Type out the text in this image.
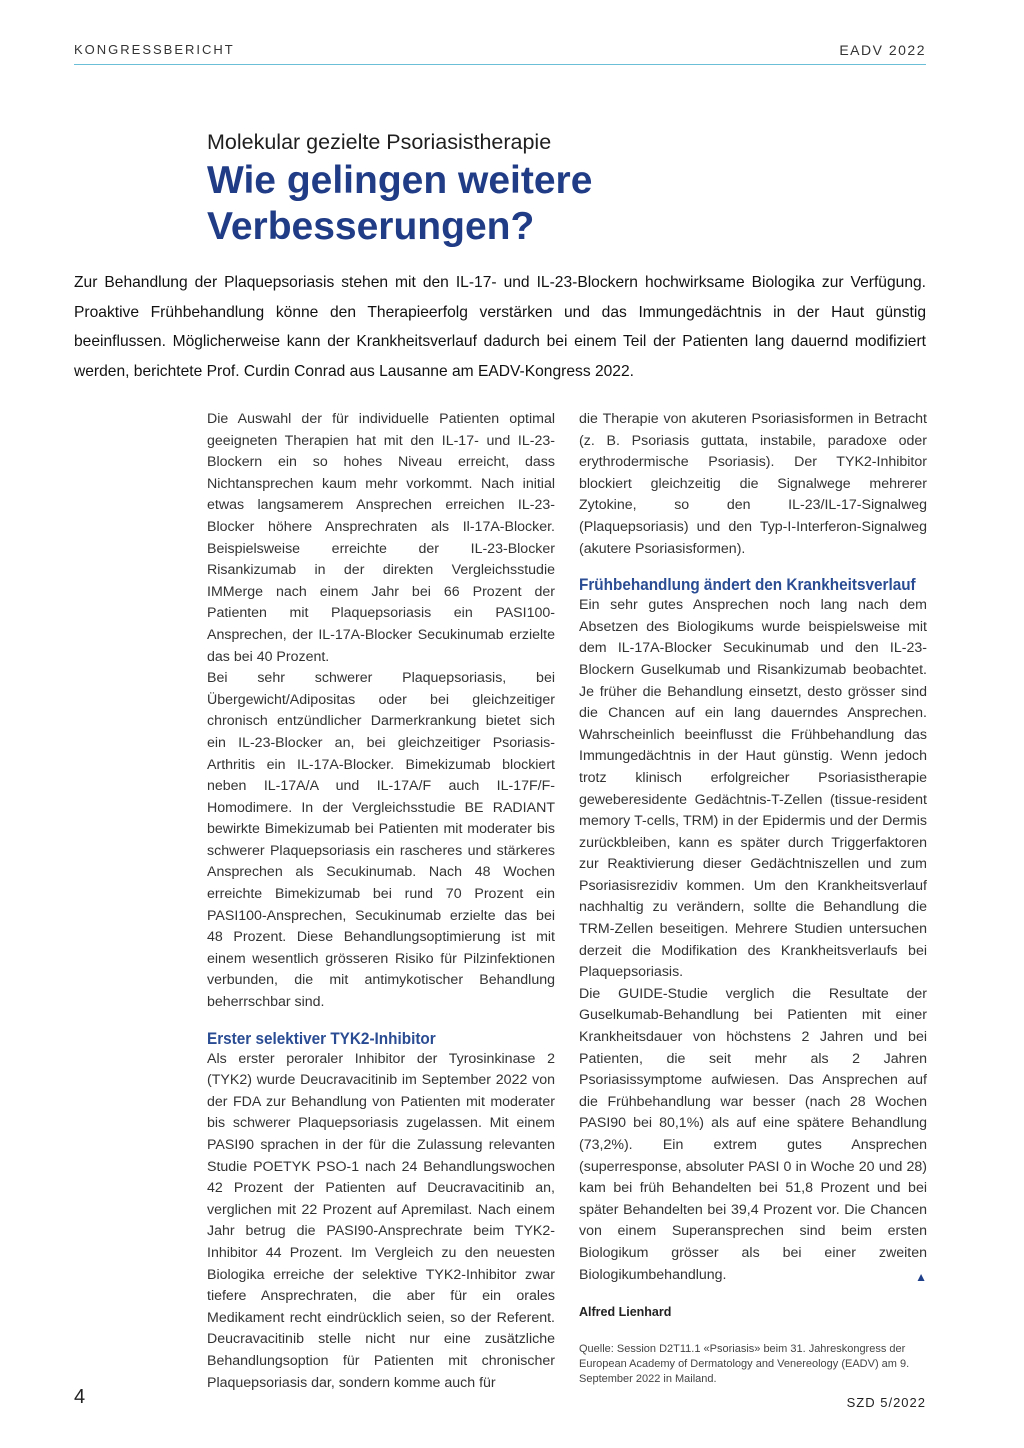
KONGRESSBERICHT	EADV 2022
Molekular gezielte Psoriasistherapie
Wie gelingen weitere Verbesserungen?
Zur Behandlung der Plaquepsoriasis stehen mit den IL-17- und IL-23-Blockern hochwirksame Biologika zur Verfügung. Proaktive Frühbehandlung könne den Therapieerfolg verstärken und das Immungedächtnis in der Haut günstig beeinflussen. Möglicherweise kann der Krankheitsverlauf dadurch bei einem Teil der Patienten lang dauernd modifiziert werden, berichtete Prof. Curdin Conrad aus Lausanne am EADV-Kongress 2022.

Die Auswahl der für individuelle Patienten optimal geeigneten Therapien hat mit den IL-17- und IL-23-Blockern ein so hohes Niveau erreicht, dass Nichtansprechen kaum mehr vorkommt. Nach initial etwas langsamerem Ansprechen erreichen IL-23-Blocker höhere Ansprechraten als Il-17A-Blocker. Beispielsweise erreichte der IL-23-Blocker Risankizumab in der direkten Vergleichsstudie IMMerge nach einem Jahr bei 66 Prozent der Patienten mit Plaquepsoriasis ein PASI100-Ansprechen, der IL-17A-Blocker Secukinumab erzielte das bei 40 Prozent.

Bei sehr schwerer Plaquepsoriasis, bei Übergewicht/Adipositas oder bei gleichzeitiger chronisch entzündlicher Darmerkrankung bietet sich ein IL-23-Blocker an, bei gleichzeitiger Psoriasis-Arthritis ein IL-17A-Blocker. Bimekizumab blockiert neben IL-17A/A und IL-17A/F auch IL-17F/F-Homodimere. In der Vergleichsstudie BE RADIANT bewirkte Bimekizumab bei Patienten mit moderater bis schwerer Plaquepsoriasis ein rascheres und stärkeres Ansprechen als Secukinumab. Nach 48 Wochen erreichte Bimekizumab bei rund 70 Prozent ein PASI100-Ansprechen, Secukinumab erzielte das bei 48 Prozent. Diese Behandlungsoptimierung ist mit einem wesentlich grösseren Risiko für Pilzinfektionen verbunden, die mit antimykotischer Behandlung beherrschbar sind.

Erster selektiver TYK2-Inhibitor

Als erster peroraler Inhibitor der Tyrosinkinase 2 (TYK2) wurde Deucravacitinib im September 2022 von der FDA zur Behandlung von Patienten mit moderater bis schwerer Plaquepsoriasis zugelassen. Mit einem PASI90 sprachen in der für die Zulassung relevanten Studie POETYK PSO-1 nach 24 Behandlungswochen 42 Prozent der Patienten auf Deucravacitinib an, verglichen mit 22 Prozent auf Apremilast. Nach einem Jahr betrug die PASI90-Ansprechrate beim TYK2-Inhibitor 44 Prozent. Im Vergleich zu den neuesten Biologika erreiche der selektive TYK2-Inhibitor zwar tiefere Ansprechraten, die aber für ein orales Medikament recht eindrücklich seien, so der Referent. Deucravacitinib stelle nicht nur eine zusätzliche Behandlungsoption für Patienten mit chronischer Plaquepsoriasis dar, sondern komme auch für

die Therapie von akuteren Psoriasisformen in Betracht (z. B. Psoriasis guttata, instabile, paradoxe oder erythrodermische Psoriasis). Der TYK2-Inhibitor blockiert gleichzeitig die Signalwege mehrerer Zytokine, so den IL-23/IL-17-Signalweg (Plaquepsoriasis) und den Typ-I-Interferon-Signalweg (akutere Psoriasisformen).

Frühbehandlung ändert den Krankheitsverlauf

Ein sehr gutes Ansprechen noch lang nach dem Absetzen des Biologikums wurde beispielsweise mit dem IL-17A-Blocker Secukinumab und den IL-23-Blockern Guselkumab und Risankizumab beobachtet. Je früher die Behandlung einsetzt, desto grösser sind die Chancen auf ein lang dauerndes Ansprechen. Wahrscheinlich beeinflusst die Frühbehandlung das Immungedächtnis in der Haut günstig. Wenn jedoch trotz klinisch erfolgreicher Psoriasistherapie geweberesidente Gedächtnis-T-Zellen (tissue-resident memory T-cells, TRM) in der Epidermis und der Dermis zurückbleiben, kann es später durch Triggerfaktoren zur Reaktivierung dieser Gedächtniszellen und zum Psoriasisrezidiv kommen. Um den Krankheitsverlauf nachhaltig zu verändern, sollte die Behandlung die TRM-Zellen beseitigen. Mehrere Studien untersuchen derzeit die Modifikation des Krankheitsverlaufs bei Plaquepsoriasis.

Die GUIDE-Studie verglich die Resultate der Guselkumab-Behandlung bei Patienten mit einer Krankheitsdauer von höchstens 2 Jahren und bei Patienten, die seit mehr als 2 Jahren Psoriasissymptome aufwiesen. Das Ansprechen auf die Frühbehandlung war besser (nach 28 Wochen PASI90 bei 80,1%) als auf eine spätere Behandlung (73,2%). Ein extrem gutes Ansprechen (superresponse, absoluter PASI 0 in Woche 20 und 28) kam bei früh Behandelten bei 51,8 Prozent und bei später Behandelten bei 39,4 Prozent vor. Die Chancen von einem Superansprechen sind beim ersten Biologikum grösser als bei einer zweiten Biologikumbehandlung.	▲

Alfred Lienhard
Quelle: Session D2T11.1 «Psoriasis» beim 31. Jahreskongress der European Academy of Dermatology and Venereology (EADV) am 9. September 2022 in Mailand.
4	SZD 5/2022
